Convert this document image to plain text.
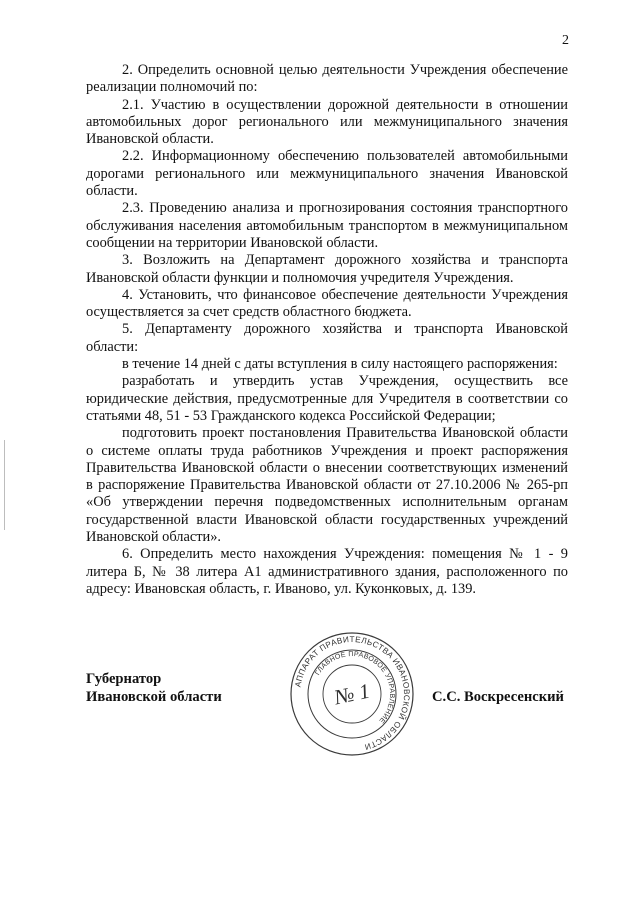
2

2. Определить основной целью деятельности Учреждения обеспечение реализации полномочий по:

2.1. Участию в осуществлении дорожной деятельности в отношении автомобильных дорог регионального или межмуниципального значения Ивановской области.

2.2. Информационному обеспечению пользователей автомобильными дорогами регионального или межмуниципального значения Ивановской области.

2.3. Проведению анализа и прогнозирования состояния транспортного обслуживания населения автомобильным транспортом в межмуниципальном сообщении на территории Ивановской области.

3. Возложить на Департамент дорожного хозяйства и транспорта Ивановской области функции и полномочия учредителя Учреждения.

4. Установить, что финансовое обеспечение деятельности Учреждения осуществляется за счет средств областного бюджета.

5. Департаменту дорожного хозяйства и транспорта Ивановской области:

в течение 14 дней с даты вступления в силу настоящего распоряжения:

разработать и утвердить устав Учреждения, осуществить все юридические действия, предусмотренные для Учредителя в соответствии со статьями 48, 51 - 53 Гражданского кодекса Российской Федерации;

подготовить проект постановления Правительства Ивановской области о системе оплаты труда работников Учреждения и проект распоряжения Правительства Ивановской области о внесении соответствующих изменений в распоряжение Правительства Ивановской области от 27.10.2006 № 265-рп «Об утверждении перечня подведомственных исполнительным органам государственной власти Ивановской области государственных учреждений Ивановской области».

6. Определить место нахождения Учреждения: помещения № 1 - 9 литера Б, № 38 литера А1 административного здания, расположенного по адресу: Ивановская область, г. Иваново, ул. Куконковых, д. 139.

Губернатор
Ивановской области
АППАРАТ ПРАВИТЕЛЬСТВА ИВАНОВСКОЙ ОБЛАСТИ
ГЛАВНОЕ ПРАВОВОЕ УПРАВЛЕНИЕ
№ 1	С.С. Воскресенский
